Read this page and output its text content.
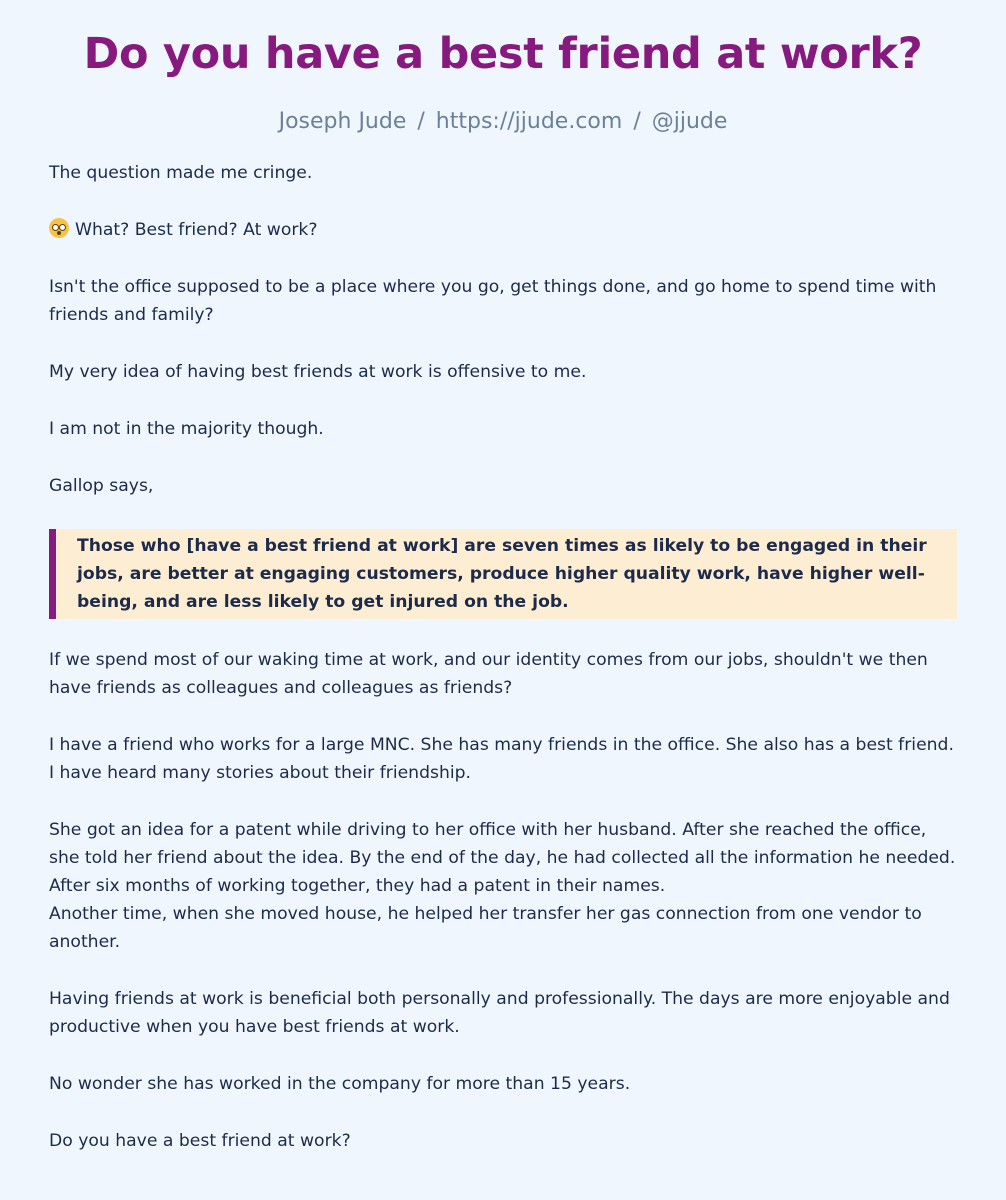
Do you have a best friend at work?
Joseph Jude / https://jjude.com / @jjude

The question made me cringe.

What? Best friend? At work?

Isn't the office supposed to be a place where you go, get things done, and go home to spend time with friends and family?

My very idea of having best friends at work is offensive to me.

I am not in the majority though.

Gallop says,

Those who [have a best friend at work] are seven times as likely to be engaged in their jobs, are better at engaging customers, produce higher quality work, have higher well-being, and are less likely to get injured on the job.

If we spend most of our waking time at work, and our identity comes from our jobs, shouldn't we then have friends as colleagues and colleagues as friends?

I have a friend who works for a large MNC. She has many friends in the office. She also has a best friend. I have heard many stories about their friendship.

She got an idea for a patent while driving to her office with her husband. After she reached the office, she told her friend about the idea. By the end of the day, he had collected all the information he needed. After six months of working together, they had a patent in their names.

Another time, when she moved house, he helped her transfer her gas connection from one vendor to another.

Having friends at work is beneficial both personally and professionally. The days are more enjoyable and productive when you have best friends at work.

No wonder she has worked in the company for more than 15 years.

Do you have a best friend at work?
